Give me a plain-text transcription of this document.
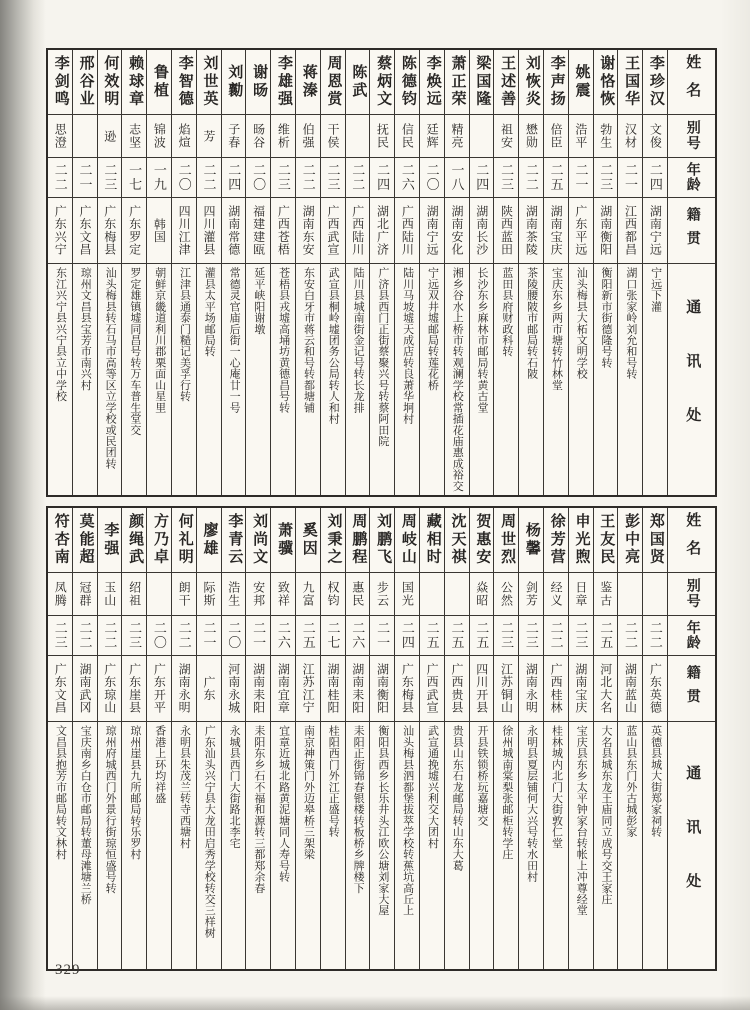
姓名
别号
年龄
籍贯
通讯处
李珍汉
文俊
二四
湖南宁远
宁远下灌
王国华
汉材
二一
江西都昌
湖口张家岭刘允和号转
谢恪恢
勃生
二三
湖南衡阳
衡阳新市街德隆号转
姚震
浩平
二一
广东平远
汕头梅县大柘文明学校
李声扬
倍臣
二五
湖南宝庆
宝庆东乡两市塘转竹林堂
刘恢炎
懋勋
二二
湖南茶陵
茶陵腰陂市邮局转石陂
王述善
祖安
二三
陕西蓝田
蓝田县府财政科转
梁国隆
二四
湖南长沙
长沙东乡麻林市邮局转黄古堂
萧正荣
精亮
一八
湖南安化
湘乡谷水上桥市转观澜学校常插花庙惠成裕交
李焕远
廷辉
二〇
湖南宁远
宁远双井墟邮局转莲花桥
陈德钧
信民
二六
广西陆川
陆川马坡墟天成店转良萧华坰村
蔡炳文
抚民
二四
湖北广济
广济县西门正街蔡聚兴号转蔡阿田院
陈武
二二
广西陆川
陆川县城南街金记号转长龙排
周恩赏
干侯
二三
广西武宣
武宣县桐岭墟团务公局转人和村
蒋溱
伯强
二二
湖南东安
东安白牙市蒋云和号转都塘铺
李雄强
维析
二三
广西苍梧
苍梧县戎墟高埇坊黄德昌号转
谢旸
旸谷
二〇
福建建瓯
延平峡阳谢墩
刘勷
子春
二四
湖南常德
常德灵官庙后街一心庵廿一号
刘世英
芳
二二
四川灌县
灌县太平场邮局转
李智德
焰煊
二〇
四川江津
江津县通泰门糙记美孚行转
鲁植
锦波
一九
韩国
朝鲜京畿道利川郡栗面山星里
赖球章
志坚
一七
广东罗定
罗定雄镇墟同昌号转万车普生堂交
何效明
逊
二三
广东梅县
汕头梅县转石马市高等区立学校或民团转
邢谷业
二一
广东文昌
琼州文昌县宝芳市南兴村
李剑鸣
思澄
二二
广东兴宁
东江兴宁县兴宁县立中学校
姓名
别号
年龄
籍贯
通讯处
郑国贤
二二
广东英德
英德县城大街郑家祠转
彭中亮
二二
湖南蓝山
蓝山县东门外古城彭家
王友民
鉴古
二五
河北大名
大名县城东龙王庙同立成号交王家庄
申光煦
日章
二三
湖南宝庆
宝庆县东乡太平钟家台转帐上冲尊经堂
徐芳营
经义
二二
广西桂林
桂林城内北门大街敦仁堂
杨馨
剑芳
二三
湖南永明
永明县夏层铺何大兴号转水田村
周世烈
公然
二三
江苏铜山
徐州城南棠梨张邮柜转学庄
贺惠安
焱昭
二五
四川开县
开县铁锁桥玩嘉塘交
沈天祺
二五
广西贵县
贵县山东石龙邮局转山东大葛
藏相时
二五
广西武宣
武宣通挽墟兴利交大团村
周岐山
国光
二四
广东梅县
汕头梅县泗都堡拔萃学校转蕉坑高丘上
刘鹏飞
步云
二一
湖南衡阳
衡阳县西乡长乐井头江欧公塘刘家大屋
周鹏程
惠民
二六
湖南耒阳
耒阳正街锦春银楼转板桥乡牌楼下
刘秉之
权钧
二七
湖南桂阳
桂阳西门外江正盛号转
奚因
九富
二五
江苏江宁
南京神策门外迈皋桥三架梁
萧骥
致祥
二六
湖南宜章
宜章近城北路黄泥塘同人寿号转
刘尚文
安邦
二一
湖南耒阳
耒阳东乡石不福和源转三都郑余春
李青云
浩生
二〇
河南永城
永城县西门大街路北李宅
廖雄
际斯
二一
广东
广东汕头兴宁县大龙田启秀学校转交三样树
何礼明
朗干
二二
湖南永明
永明县朱茂兰转寺西塘村
方乃卓
二〇
广东开平
香港上环均祥盛
颜绳武
绍祖
二三
广东崖县
琼州崖县九所邮局转乐罗村
李强
玉山
二二
广东琼山
琼州府城西门外景行街琼恒盛号转
莫能超
冠群
二二
湖南武冈
宝庆南乡白仓市邮局转董母滩塘兰桥
符杏南
凤腾
二三
广东文昌
文昌县抱芳市邮局转文林村
329
